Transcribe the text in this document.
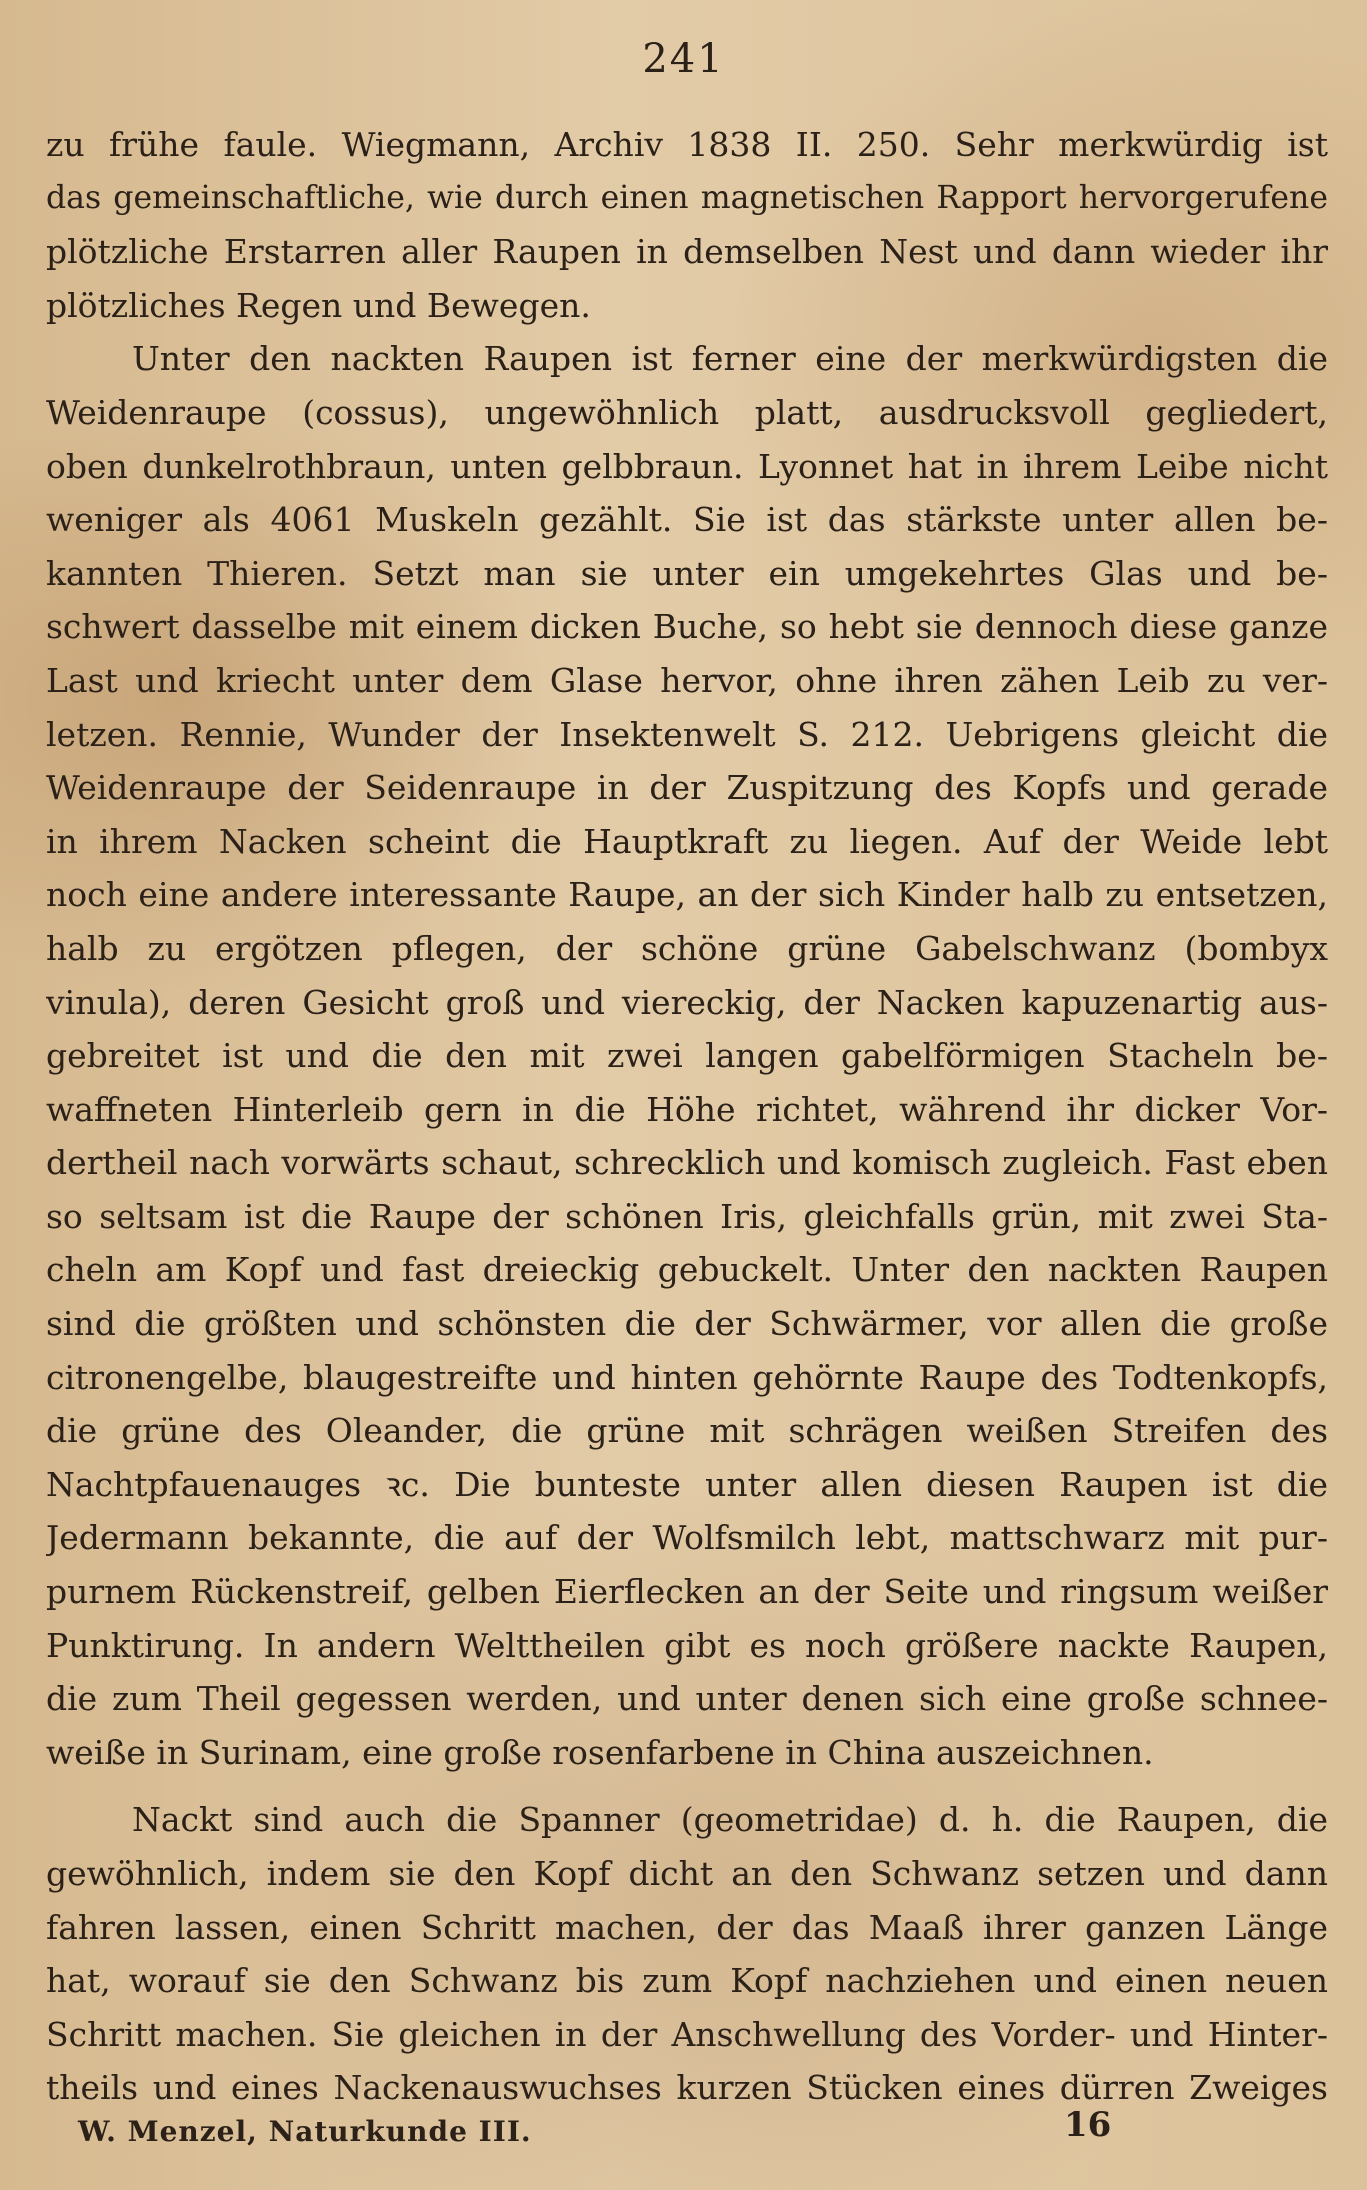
241
zu frühe faule. Wiegmann, Archiv 1838 II. 250. Sehr merkwürdig ist
das gemeinschaftliche, wie durch einen magnetischen Rapport hervorgerufene
plötzliche Erstarren aller Raupen in demselben Nest und dann wieder ihr
plötzliches Regen und Bewegen.
Unter den nackten Raupen ist ferner eine der merkwürdigsten die
Weidenraupe (cossus), ungewöhnlich platt, ausdrucksvoll gegliedert,
oben dunkelrothbraun, unten gelbbraun. Lyonnet hat in ihrem Leibe nicht
weniger als 4061 Muskeln gezählt. Sie ist das stärkste unter allen be-
kannten Thieren. Setzt man sie unter ein umgekehrtes Glas und be-
schwert dasselbe mit einem dicken Buche, so hebt sie dennoch diese ganze
Last und kriecht unter dem Glase hervor, ohne ihren zähen Leib zu ver-
letzen. Rennie, Wunder der Insektenwelt S. 212. Uebrigens gleicht die
Weidenraupe der Seidenraupe in der Zuspitzung des Kopfs und gerade
in ihrem Nacken scheint die Hauptkraft zu liegen. Auf der Weide lebt
noch eine andere interessante Raupe, an der sich Kinder halb zu entsetzen,
halb zu ergötzen pflegen, der schöne grüne Gabelschwanz (bombyx
vinula), deren Gesicht groß und viereckig, der Nacken kapuzenartig aus-
gebreitet ist und die den mit zwei langen gabelförmigen Stacheln be-
waffneten Hinterleib gern in die Höhe richtet, während ihr dicker Vor-
dertheil nach vorwärts schaut, schrecklich und komisch zugleich. Fast eben
so seltsam ist die Raupe der schönen Iris, gleichfalls grün, mit zwei Sta-
cheln am Kopf und fast dreieckig gebuckelt. Unter den nackten Raupen
sind die größten und schönsten die der Schwärmer, vor allen die große
citronengelbe, blaugestreifte und hinten gehörnte Raupe des Todtenkopfs,
die grüne des Oleander, die grüne mit schrägen weißen Streifen des
Nachtpfauenauges ꝛc. Die bunteste unter allen diesen Raupen ist die
Jedermann bekannte, die auf der Wolfsmilch lebt, mattschwarz mit pur-
purnem Rückenstreif, gelben Eierflecken an der Seite und ringsum weißer
Punktirung. In andern Welttheilen gibt es noch größere nackte Raupen,
die zum Theil gegessen werden, und unter denen sich eine große schnee-
weiße in Surinam, eine große rosenfarbene in China auszeichnen.
Nackt sind auch die Spanner (geometridae) d. h. die Raupen, die
gewöhnlich, indem sie den Kopf dicht an den Schwanz setzen und dann
fahren lassen, einen Schritt machen, der das Maaß ihrer ganzen Länge
hat, worauf sie den Schwanz bis zum Kopf nachziehen und einen neuen
Schritt machen. Sie gleichen in der Anschwellung des Vorder- und Hinter-
theils und eines Nackenauswuchses kurzen Stücken eines dürren Zweiges
W. Menzel, Naturkunde III.	16
